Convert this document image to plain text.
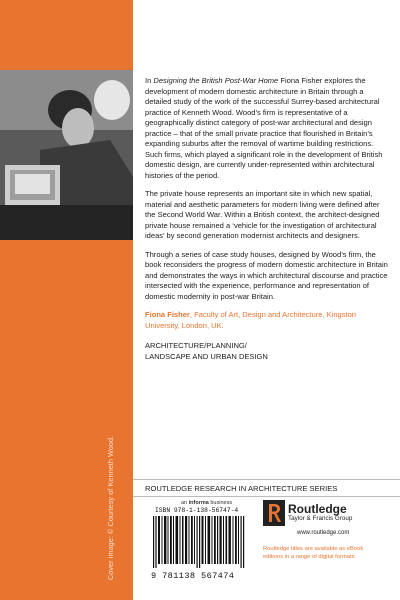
Cover image: © Courtesy of Kenneth Wood.

In Designing the British Post-War Home Fiona Fisher explores the development of modern domestic architecture in Britain through a detailed study of the work of the successful Surrey-based architectural practice of Kenneth Wood. Wood’s firm is representative of a geographically distinct category of post-war architectural and design practice – that of the small private practice that flourished in Britain’s expanding suburbs after the removal of wartime building restrictions. Such firms, which played a significant role in the development of British domestic design, are currently under-represented within architectural histories of the period.

The private house represents an important site in which new spatial, material and aesthetic parameters for modern living were defined after the Second World War. Within a British context, the architect-designed private house remained a ‘vehicle for the investigation of architectural ideas’ by second generation modernist architects and designers.

Through a series of case study houses, designed by Wood’s firm, the book reconsiders the progress of modern domestic architecture in Britain and demonstrates the ways in which architectural discourse and practice intersected with the experience, performance and representation of domestic modernity in post-war Britain.

Fiona Fisher, Faculty of Art, Design and Architecture, Kingston University, London, UK.

ARCHITECTURE/PLANNING/
LANDSCAPE AND URBAN DESIGN
ROUTLEDGE RESEARCH IN ARCHITECTURE SERIES
an informa business
ISBN 978-1-138-56747-4
9 781138 567474
Routledge
Taylor & Francis Group
www.routledge.com
Routledge titles are available as eBook editions in a range of digital formats
